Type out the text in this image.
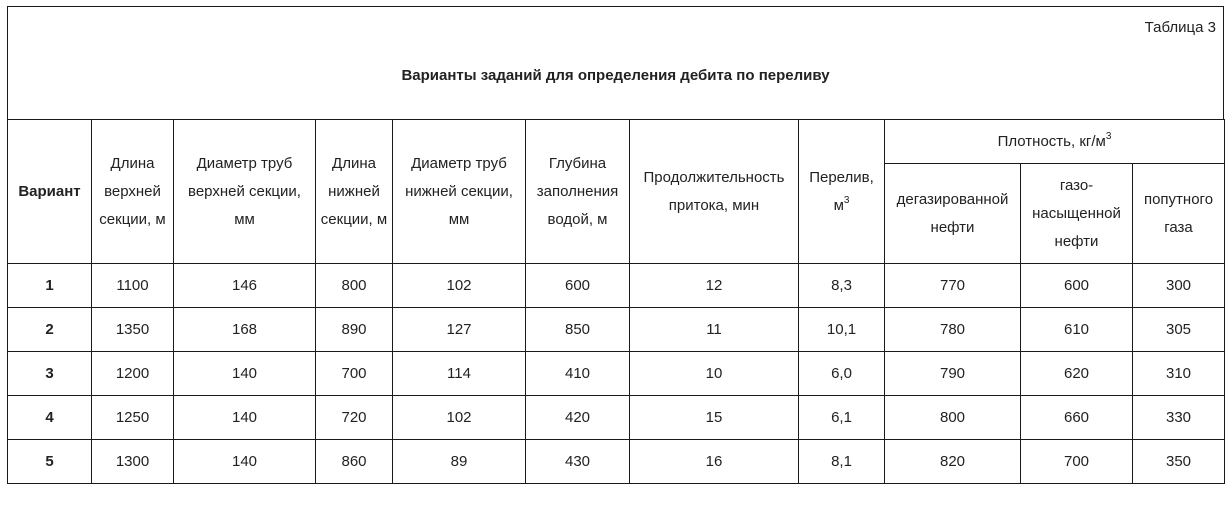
Таблица 3
Варианты заданий для определения дебита по переливу
Вариант	Длина верхней секции, м	Диаметр труб верхней секции, мм	Длина нижней секции, м	Диаметр труб нижней секции, мм	Глубина заполнения водой, м	Продолжительность притока, мин	Перелив, $м^3$	Плотность, $кг/м^3$
								дегазированной нефти	газо-насыщенной нефти	попутного газа
1	1100	146	800	102	600	12	8,3	770	600	300
2	1350	168	890	127	850	11	10,1	780	610	305
3	1200	140	700	114	410	10	6,0	790	620	310
4	1250	140	720	102	420	15	6,1	800	660	330
5	1300	140	860	89	430	16	8,1	820	700	350
